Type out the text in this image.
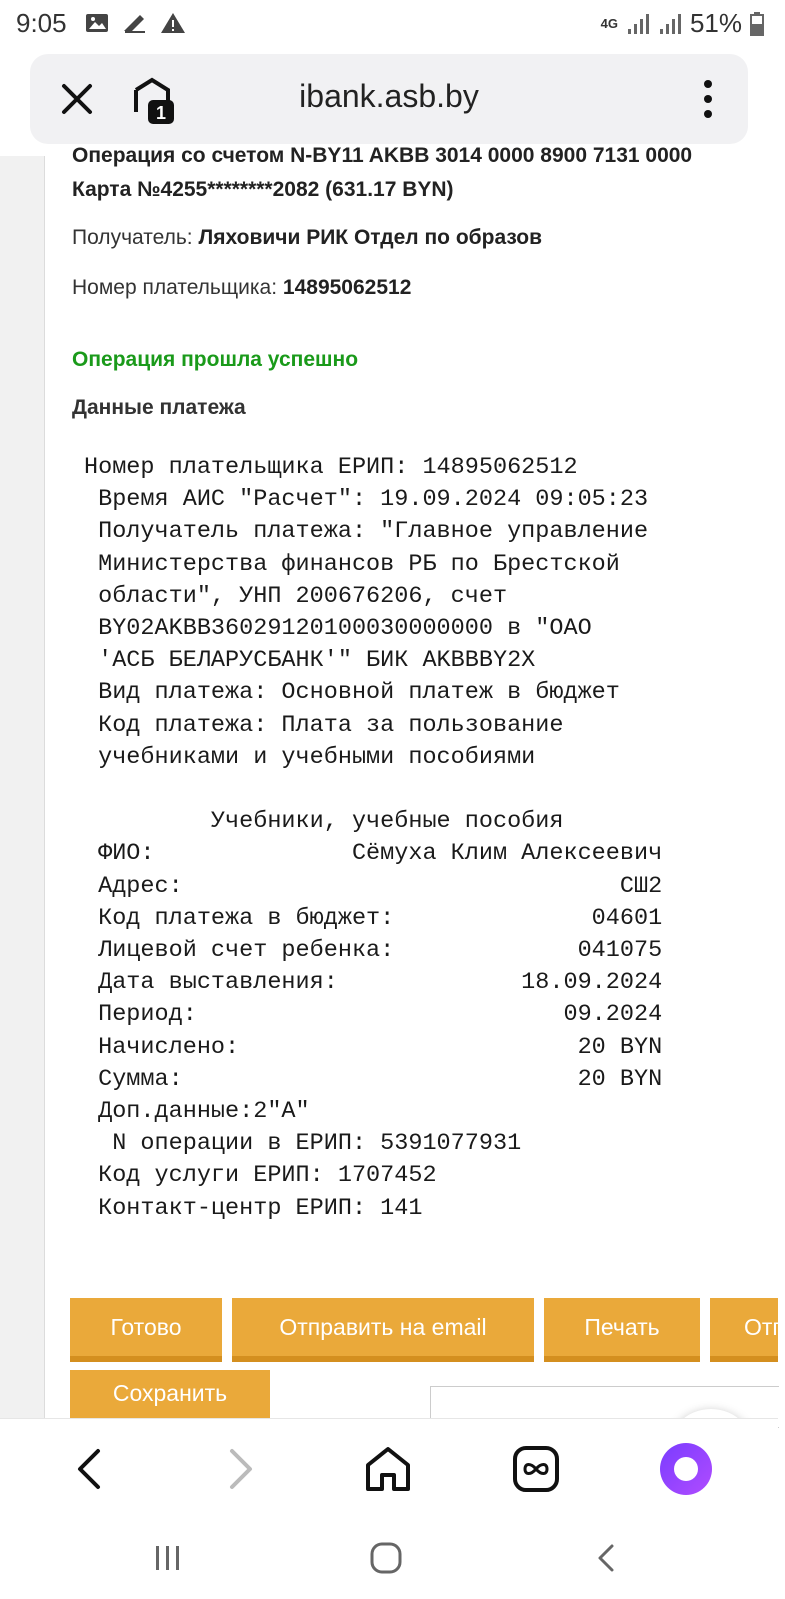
9:05	4G	51%
1	ibank.asb.by
Операция со счетом N-BY11 AKBB 3014 0000 8900 7131 0000
Карта №4255********2082 (631.17 BYN)
Получатель: Ляховичи РИК Отдел по образов
Номер плательщика: 14895062512
Операция прошла успешно
Данные платежа
Номер плательщика ЕРИП: 14895062512
Время АИС "Расчет": 19.09.2024 09:05:23
Получатель платежа: "Главное управление
Министерства финансов РБ по Брестской
области", УНП 200676206, счет
BY02AKBB36029120100030000000 в "ОАО
'АСБ БЕЛАРУСБАНК'" БИК AKBBBY2X
Вид платежа: Основной платеж в бюджет
Код платежа: Плата за пользование
учебниками и учебными пособиями

Учебники, учебные пособия
ФИО:              Сёмуха Клим Алексеевич
Адрес:                               СШ2
Код платежа в бюджет:              04601
Лицевой счет ребенка:             041075
Дата выставления:             18.09.2024
Период:                          09.2024
Начислено:                        20 BYN
Сумма:                            20 BYN
Доп.данные:2"А"
N операции в ЕРИП: 5391077931
Код услуги ЕРИП: 1707452
Контакт-центр ЕРИП: 141
Готово	Отправить на email	Печать	Отп
Сохранить
